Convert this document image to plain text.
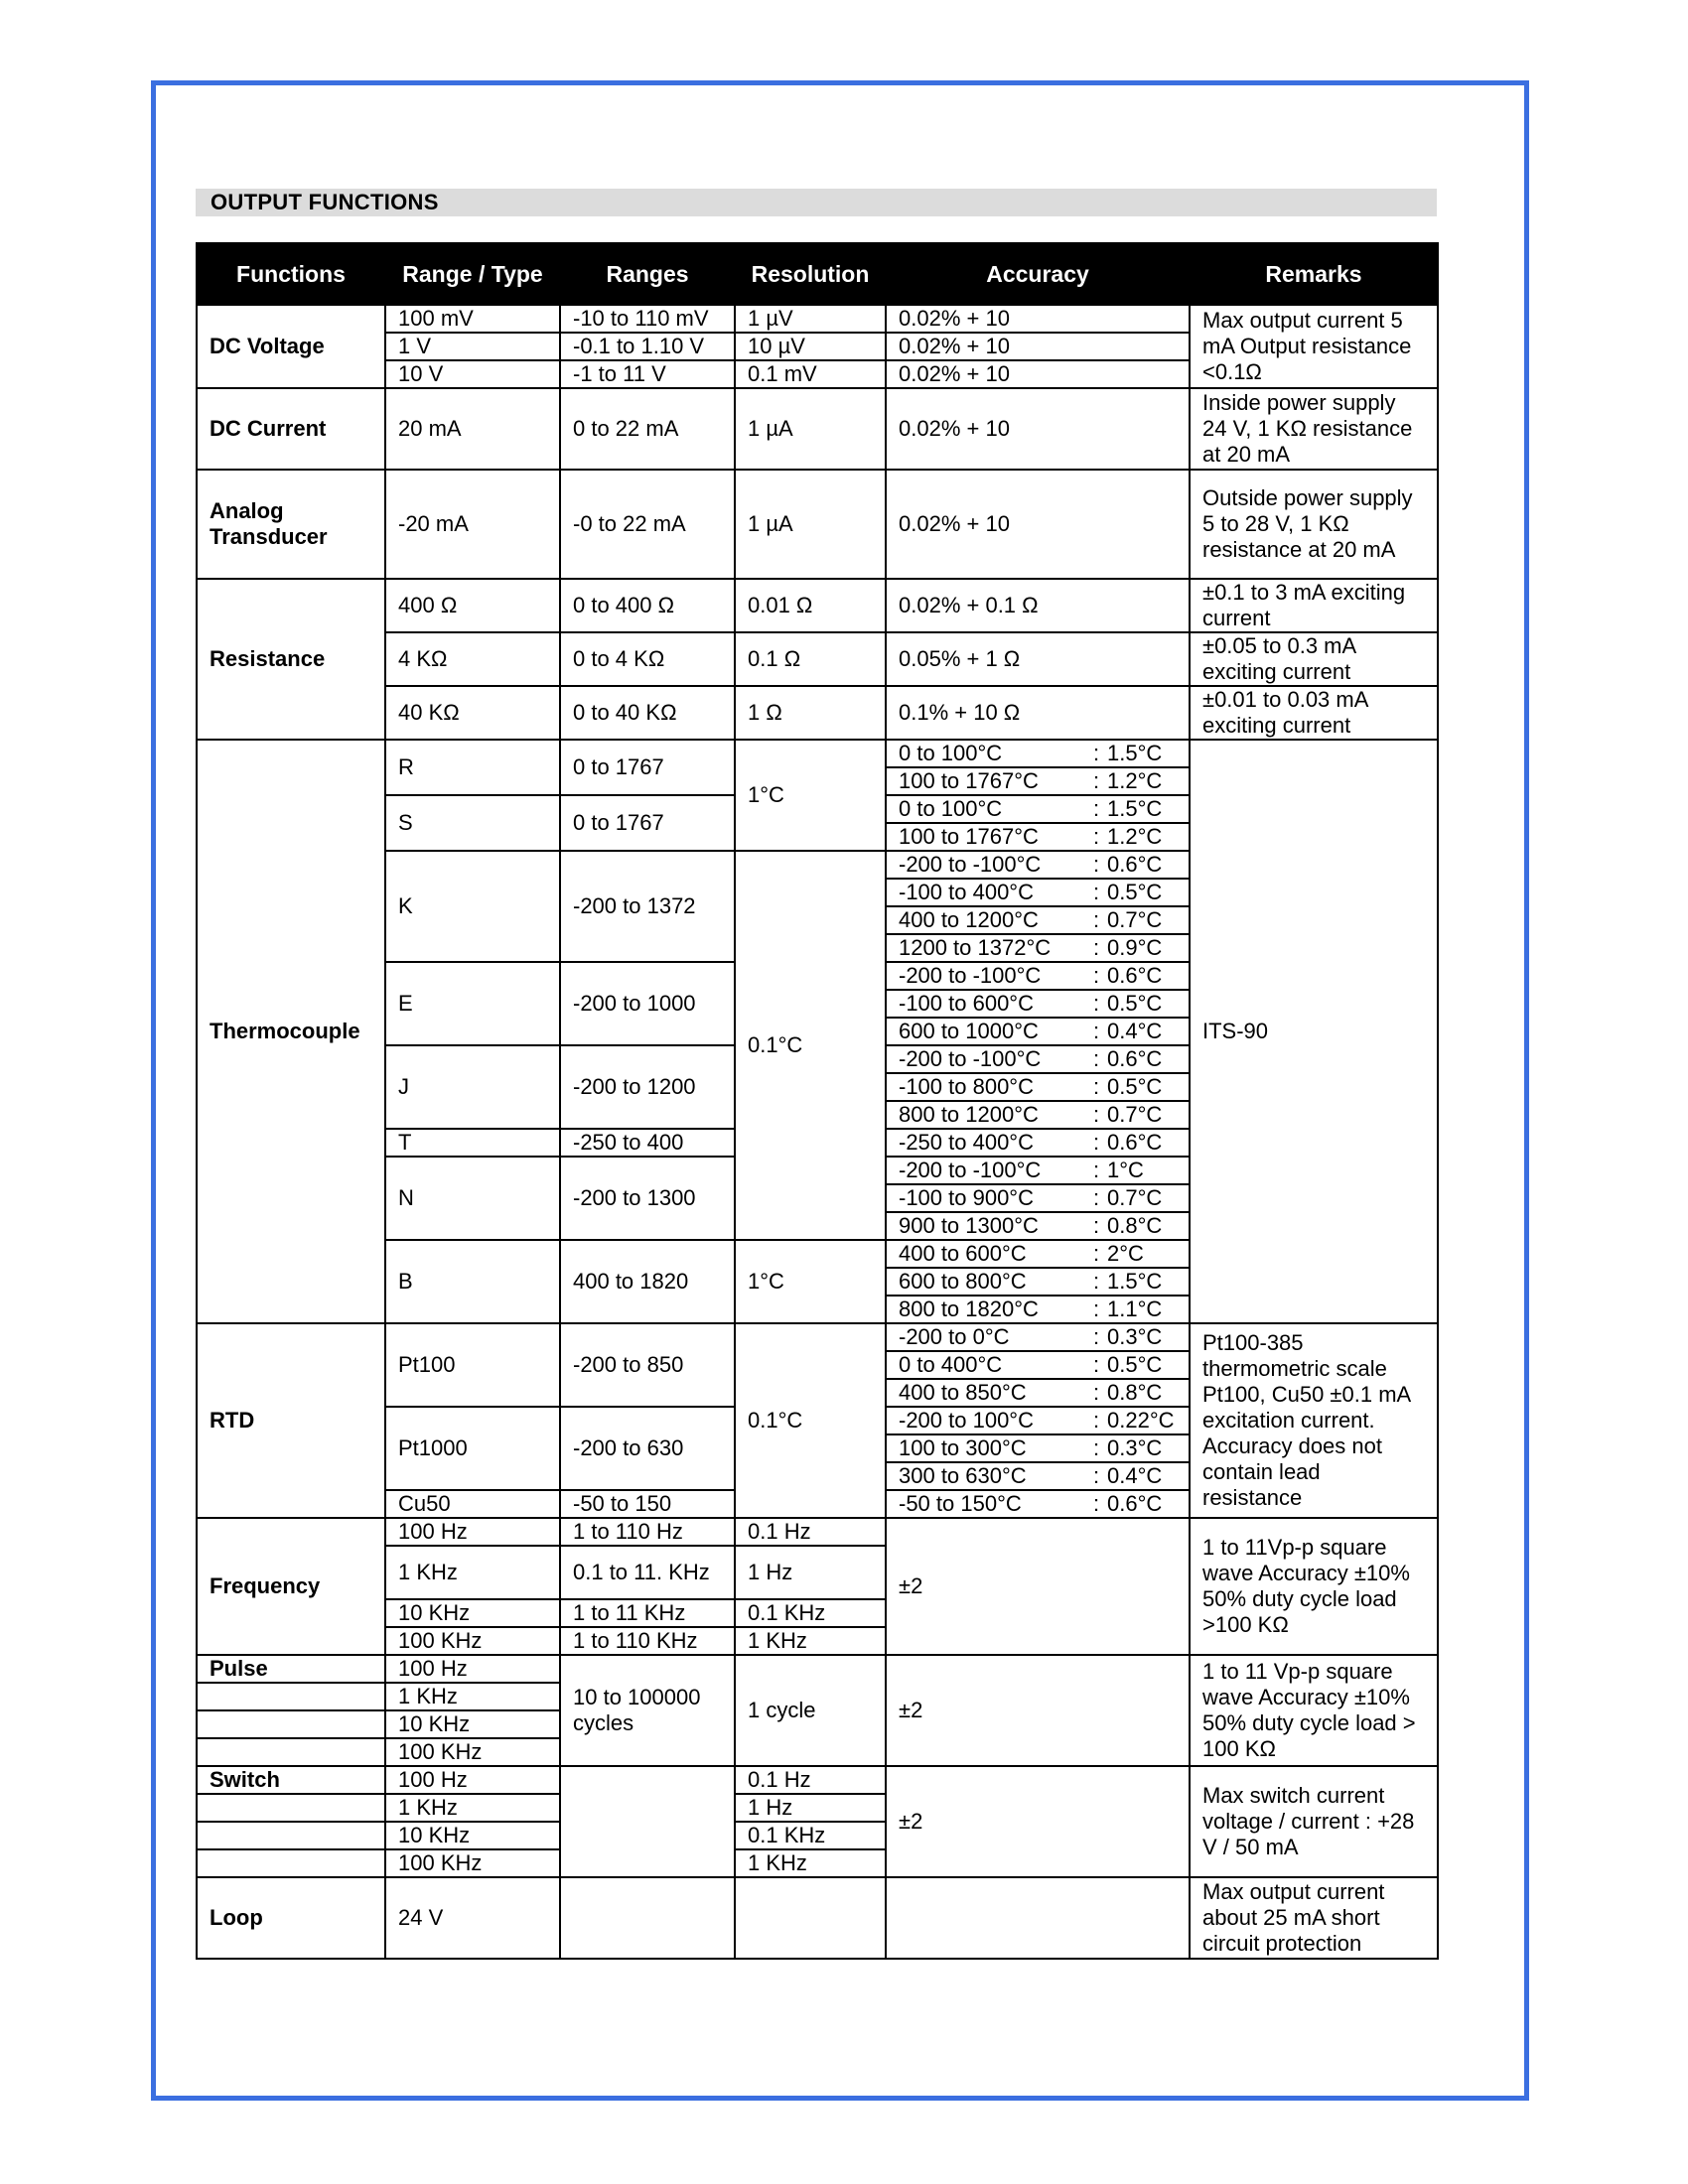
OUTPUT FUNCTIONS
Functions	Range / Type	Ranges	Resolution	Accuracy	Remarks
DC Voltage	100 mV	-10 to 110 mV	1 µV	0.02% + 10	Max output current 5 mA Output resistance <0.1Ω
	1 V	-0.1 to 1.10 V	10 µV	0.02% + 10	
	10 V	-1 to 11 V	0.1 mV	0.02% + 10	
DC Current	20 mA	0 to 22 mA	1 µA	0.02% + 10	Inside power supply 24 V, 1 KΩ resistance at 20 mA
Analog Transducer	-20 mA	-0 to 22 mA	1 µA	0.02% + 10	Outside power supply 5 to 28 V, 1 KΩ resistance at 20 mA
Resistance	400 Ω	0 to 400 Ω	0.01 Ω	0.02% + 0.1 Ω	±0.1 to 3 mA exciting current
	4 KΩ	0 to 4 KΩ	0.1 Ω	0.05% + 1 Ω	±0.05 to 0.3 mA exciting current
	40 KΩ	0 to 40 KΩ	1 Ω	0.1% + 10 Ω	±0.01 to 0.03 mA exciting current
Thermocouple	R	0 to 1767	1°C	0 to 100°C : 1.5°C	ITS-90

				100 to 1767°C : 1.2°C	

	S	0 to 1767		0 to 100°C : 1.5°C	

				100 to 1767°C : 1.2°C	

	K	-200 to 1372	0.1°C	-200 to -100°C : 0.6°C	

				-100 to 400°C : 0.5°C	

				400 to 1200°C : 0.7°C	

				1200 to 1372°C : 0.9°C	

	E	-200 to 1000		-200 to -100°C : 0.6°C	

				-100 to 600°C : 0.5°C	

				600 to 1000°C : 0.4°C	

	J	-200 to 1200		-200 to -100°C : 0.6°C	

				-100 to 800°C : 0.5°C	

				800 to 1200°C : 0.7°C	

	T	-250 to 400		-250 to 400°C : 0.6°C	

	N	-200 to 1300		-200 to -100°C : 1°C	

				-100 to 900°C : 0.7°C	

				900 to 1300°C : 0.8°C	

	B	400 to 1820	1°C	400 to 600°C : 2°C	

				600 to 800°C : 1.5°C	

				800 to 1820°C : 1.1°C	

RTD	Pt100	-200 to 850	0.1°C	-200 to 0°C : 0.3°C	Pt100-385 thermometric scale Pt100, Cu50 ±0.1 mA excitation current. Accuracy does not contain lead resistance

				0 to 400°C : 0.5°C	

				400 to 850°C : 0.8°C	

	Pt1000	-200 to 630		-200 to 100°C : 0.22°C	

				100 to 300°C : 0.3°C	

				300 to 630°C : 0.4°C	

	Cu50	-50 to 150		-50 to 150°C : 0.6°C	

Frequency	100 Hz	1 to 110 Hz	0.1 Hz	±2	1 to 11Vp-p square wave Accuracy ±10% 50% duty cycle load >100 KΩ
	1 KHz	0.1 to 11. KHz	1 Hz		
	10 KHz	1 to 11 KHz	0.1 KHz		
	100 KHz	1 to 110 KHz	1 KHz		
Pulse	100 Hz	10 to 100000 cycles	1 cycle	±2	1 to 11 Vp-p square wave Accuracy ±10% 50% duty cycle load > 100 KΩ
	1 KHz				
	10 KHz				
	100 KHz				
Switch	100 Hz		0.1 Hz	±2	Max switch current voltage / current : +28 V / 50 mA
	1 KHz		1 Hz		
	10 KHz		0.1 KHz		
	100 KHz		1 KHz		
Loop	24 V				Max output current about 25 mA short circuit protection
